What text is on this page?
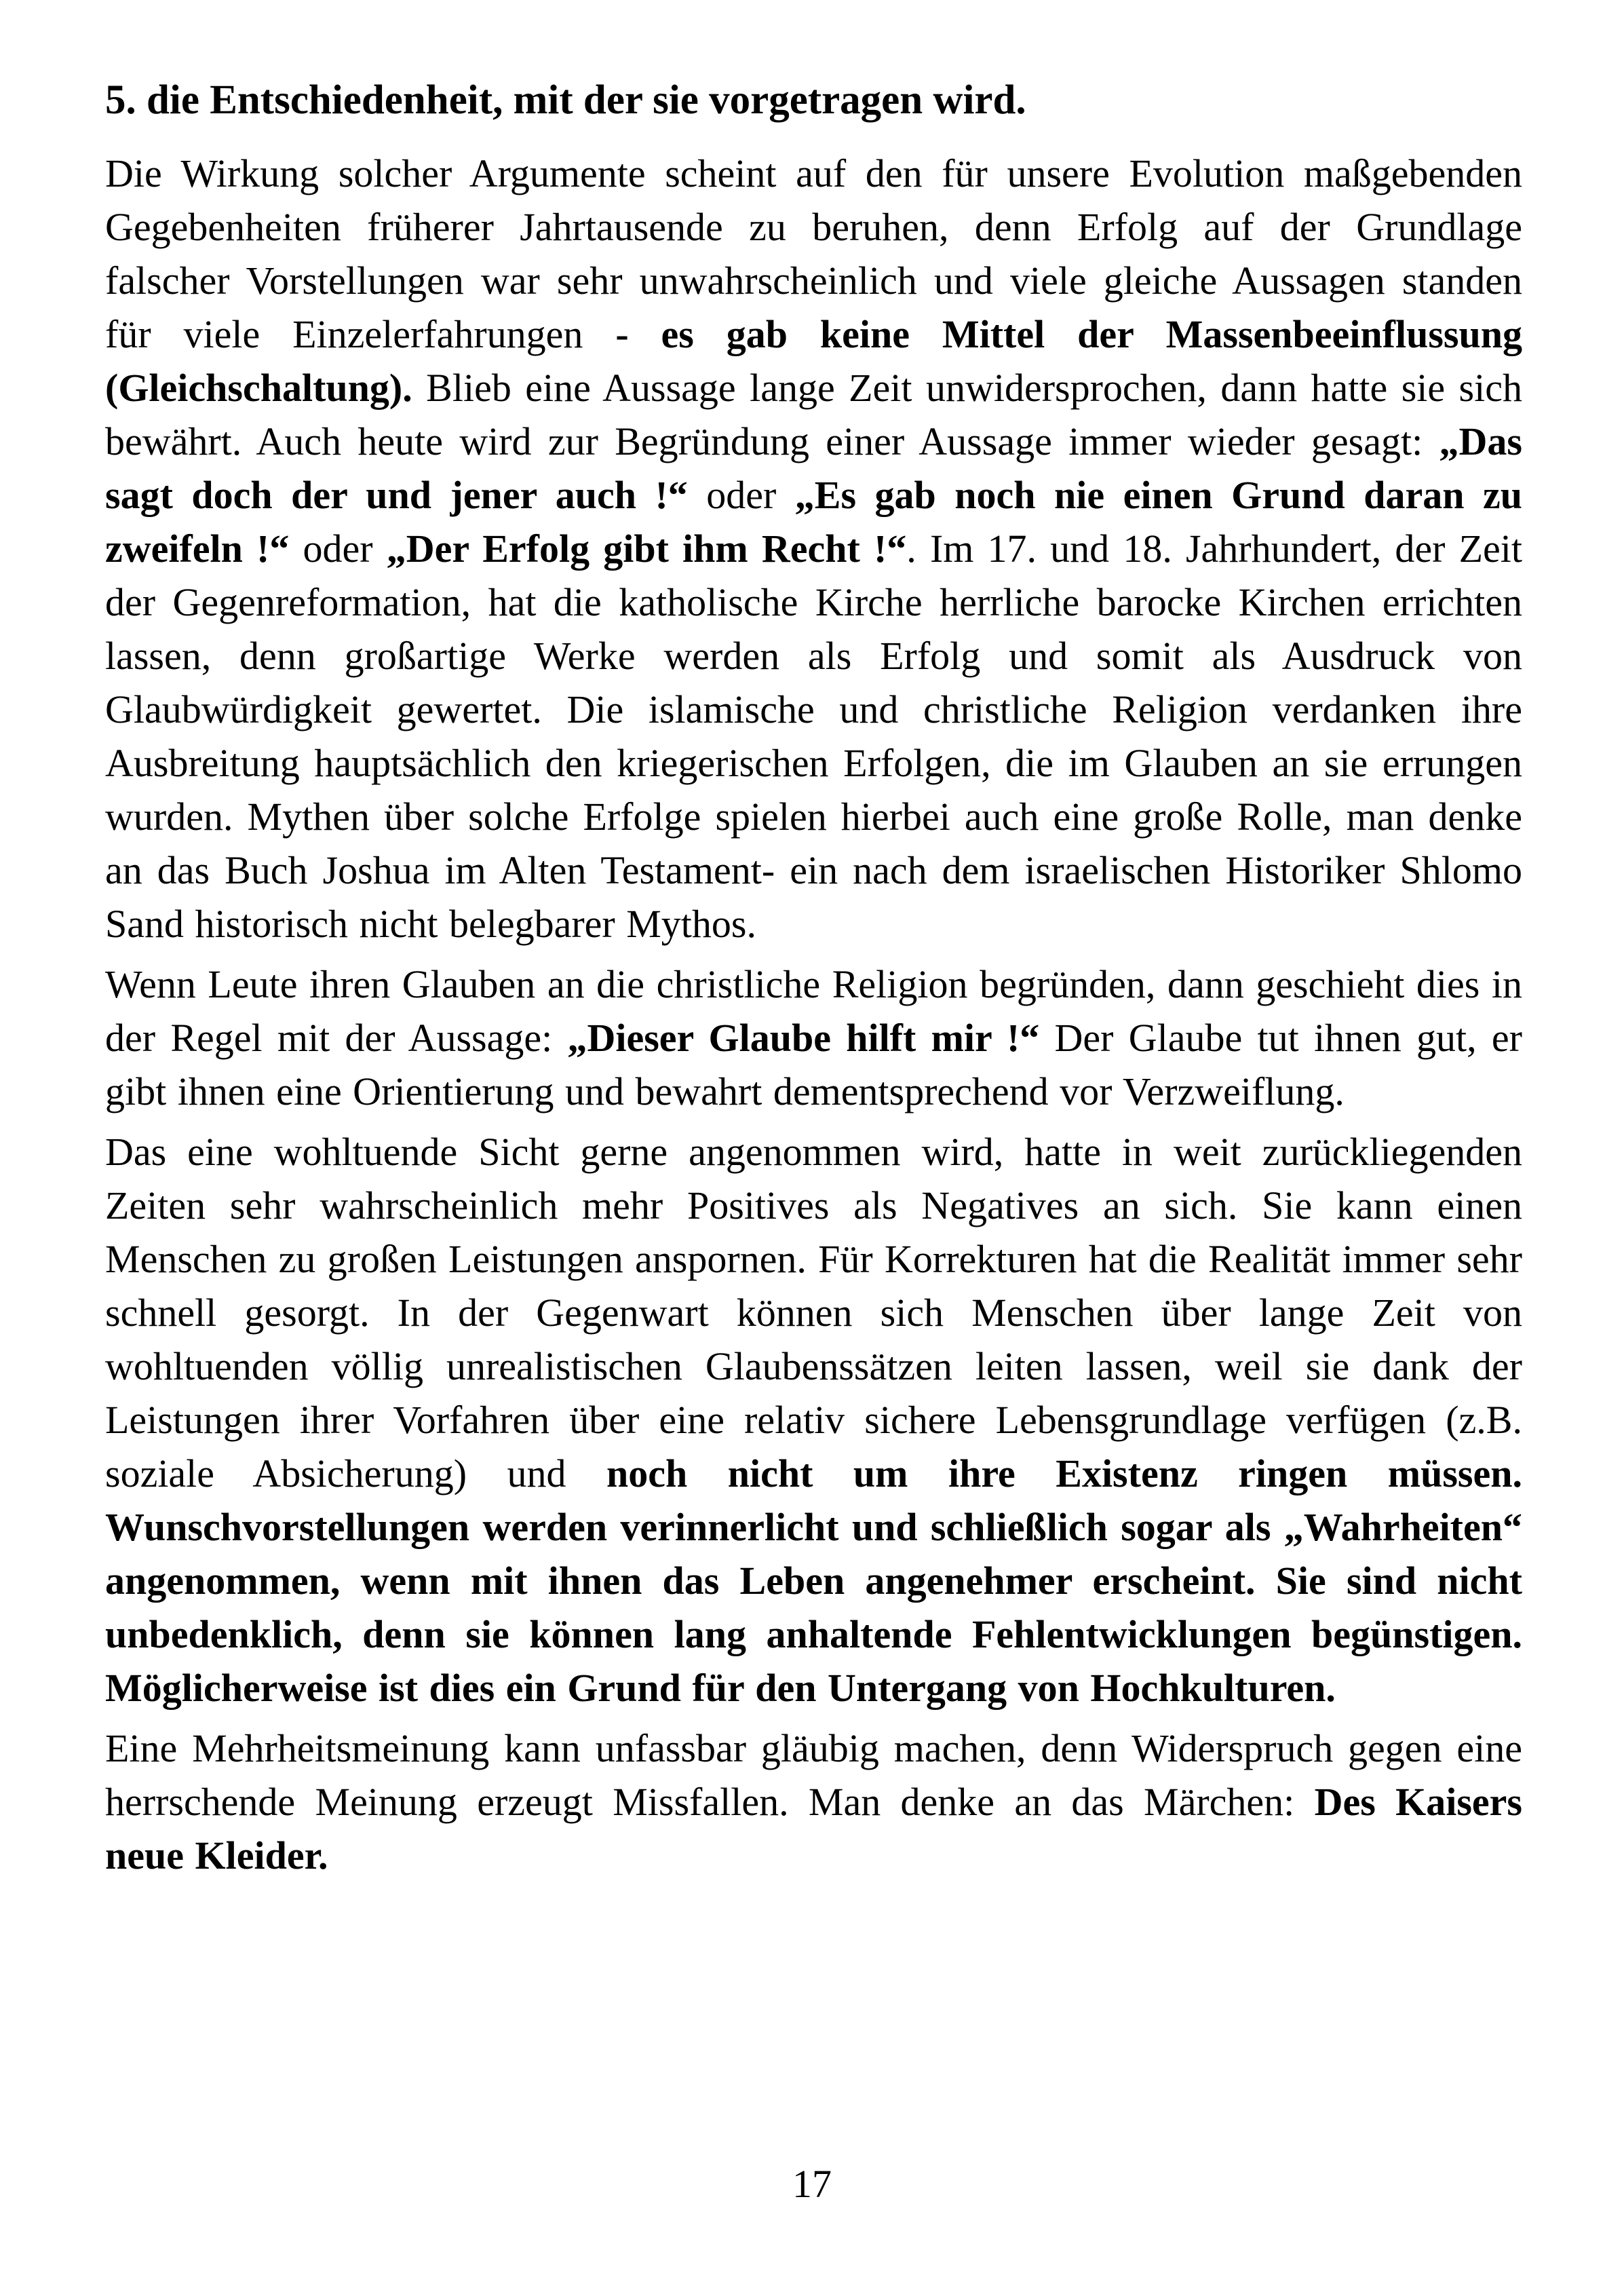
5. die Entschiedenheit, mit der sie vorgetragen wird.

Die Wirkung solcher Argumente scheint auf den für unsere Evolution maßgebenden Gegebenheiten früherer Jahrtausende zu beruhen, denn Erfolg auf der Grundlage falscher Vorstellungen war sehr unwahrscheinlich und viele gleiche Aussagen standen für viele Einzelerfahrungen - es gab keine Mittel der Massenbeeinflussung (Gleichschaltung). Blieb eine Aussage lange Zeit unwidersprochen, dann hatte sie sich bewährt. Auch heute wird zur Begründung einer Aussage immer wieder gesagt: „Das sagt doch der und jener auch !“ oder „Es gab noch nie einen Grund daran zu zweifeln !“ oder „Der Erfolg gibt ihm Recht !“. Im 17. und 18. Jahrhundert, der Zeit der Gegenreformation, hat die katholische Kirche herrliche barocke Kirchen errichten lassen, denn großartige Werke werden als Erfolg und somit als Ausdruck von Glaubwürdigkeit gewertet. Die islamische und christliche Religion verdanken ihre Ausbreitung hauptsächlich den kriegerischen Erfolgen, die im Glauben an sie errungen wurden. Mythen über solche Erfolge spielen hierbei auch eine große Rolle, man denke an das Buch Joshua im Alten Testament- ein nach dem israelischen Historiker Shlomo Sand historisch nicht belegbarer Mythos.

Wenn Leute ihren Glauben an die christliche Religion begründen, dann geschieht dies in der Regel mit der Aussage: „Dieser Glaube hilft mir !“ Der Glaube tut ihnen gut, er gibt ihnen eine Orientierung und bewahrt dementsprechend vor Verzweiflung.

Das eine wohltuende Sicht gerne angenommen wird, hatte in weit zurückliegenden Zeiten sehr wahrscheinlich mehr Positives als Negatives an sich. Sie kann einen Menschen zu großen Leistungen anspornen. Für Korrekturen hat die Realität immer sehr schnell gesorgt. In der Gegenwart können sich Menschen über lange Zeit von wohltuenden völlig unrealistischen Glaubenssätzen leiten lassen, weil sie dank der Leistungen ihrer Vorfahren über eine relativ sichere Lebensgrundlage verfügen (z.B. soziale Absicherung) und noch nicht um ihre Existenz ringen müssen. Wunschvorstellungen werden verinnerlicht und schließlich sogar als „Wahrheiten“ angenommen, wenn mit ihnen das Leben angenehmer erscheint. Sie sind nicht unbedenklich, denn sie können lang anhaltende Fehlentwicklungen begünstigen. Möglicherweise ist dies ein Grund für den Untergang von Hochkulturen.

Eine Mehrheitsmeinung kann unfassbar gläubig machen, denn Widerspruch gegen eine herrschende Meinung erzeugt Missfallen. Man denke an das Märchen: Des Kaisers neue Kleider.

17
